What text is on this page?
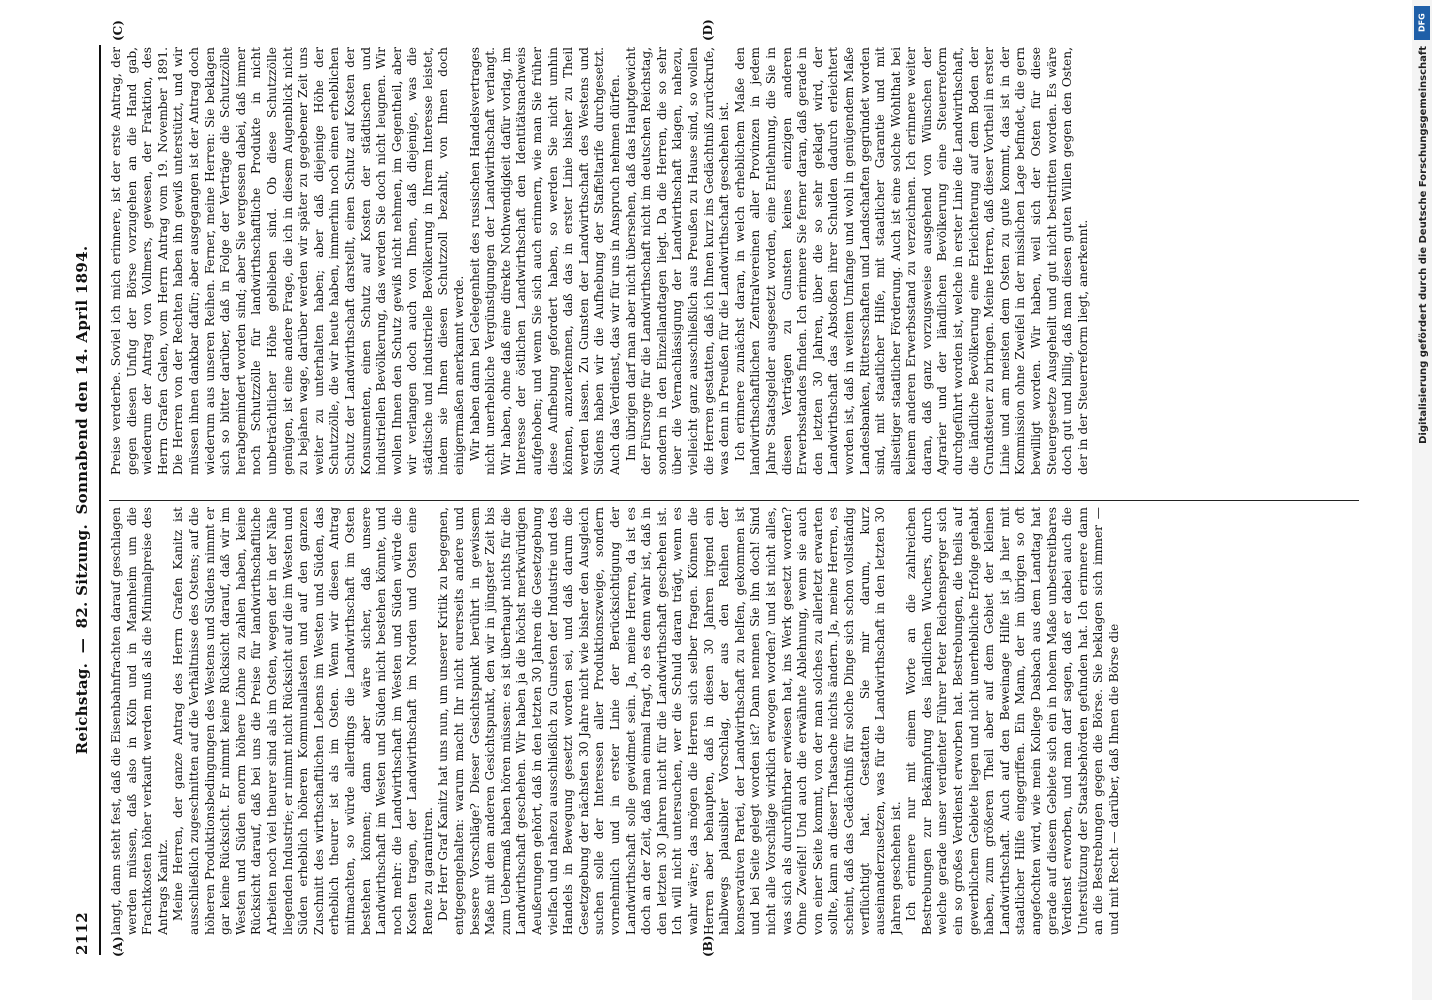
2112
Reichstag. — 82. Sitzung. Sonnabend den 14. April 1894.
(A)	(B)
(C)	(D)

langt, dann steht fest, daß die Eisenbahnfrachten darauf geschlagen werden müssen, daß also in Köln und in Mannheim um die Frachtkosten höher verkauft werden muß als die Minimalpreise des Antrags Kanitz. Meine Herren, der ganze Antrag des Herrn Grafen Kanitz ist ausschließlich zugeschnitten auf die Verhältnisse des Ostens; auf die höheren Produktionsbedingungen des Westens und Südens nimmt er gar keine Rücksicht. Er nimmt keine Rücksicht darauf, daß wir im Westen und Süden enorm höhere Löhne zu zahlen haben, keine Rücksicht darauf, daß bei uns die Preise für landwirthschaftliche Arbeiten noch viel theurer sind als im Osten, wegen der in der Nähe liegenden Industrie; er nimmt nicht Rücksicht auf die im Westen und Süden erheblich höheren Kommunallasten und auf den ganzen Zuschnitt des wirthschaftlichen Lebens im Westen und Süden, das erheblich theurer ist als im Osten. Wenn wir diesen Antrag mitmachten, so würde allerdings die Landwirthschaft im Osten bestehen können; dann aber wäre sicher, daß unsere Landwirthschaft im Westen und Süden nicht bestehen könnte, und noch mehr: die Landwirthschaft im Westen und Süden würde die Kosten tragen, der Landwirthschaft im Norden und Osten eine Rente zu garantiren. Der Herr Graf Kanitz hat uns nun, um unserer Kritik zu begegnen, entgegengehalten: warum macht Ihr nicht eurerseits andere und bessere Vorschläge? Dieser Gesichtspunkt berührt in gewissem Maße mit dem anderen Gesichtspunkt, den wir in jüngster Zeit bis zum Uebermaß haben hören müssen: es ist überhaupt nichts für die Landwirthschaft geschehen. Wir haben ja die höchst merkwürdigen Aeußerungen gehört, daß in den letzten 30 Jahren die Gesetzgebung vielfach und nahezu ausschließlich zu Gunsten der Industrie und des Handels in Bewegung gesetzt worden sei, und daß darum die Gesetzgebung der nächsten 30 Jahre nicht wie bisher den Ausgleich suchen solle der Interessen aller Produktionszweige, sondern vornehmlich und in erster Linie der Berücksichtigung der Landwirthschaft solle gewidmet sein. Ja, meine Herren, da ist es doch an der Zeit, daß man einmal fragt, ob es denn wahr ist, daß in den letzten 30 Jahren nicht für die Landwirthschaft geschehen ist. Ich will nicht untersuchen, wer die Schuld daran trägt, wenn es wahr wäre; das mögen die Herren sich selber fragen. Können die Herren aber behaupten, daß in diesen 30 Jahren irgend ein halbwegs plausibler Vorschlag, der aus den Reihen der konservativen Partei, der Landwirthschaft zu helfen, gekommen ist und bei Seite gelegt worden ist? Dann nennen Sie ihn doch! Sind nicht alle Vorschläge wirklich erwogen worden? und ist nicht alles, was sich als durchführbar erwiesen hat, ins Werk gesetzt worden? Ohne Zweifel! Und auch die erwähnte Ablehnung, wenn sie auch von einer Seite kommt, von der man solches zu allerletzt erwarten sollte, kann an dieser Thatsache nichts ändern. Ja, meine Herren, es scheint, daß das Gedächtniß für solche Dinge sich schon vollständig verflüchtigt hat. Gestatten Sie mir darum, kurz auseinanderzusetzen, was für die Landwirthschaft in den letzten 30 Jahren geschehen ist. Ich erinnere nur mit einem Worte an die zahlreichen Bestrebungen zur Bekämpfung des ländlichen Wuchers, durch welche gerade unser verdienter Führer Peter Reichensperger sich ein so großes Verdienst erworben hat. Bestrebungen, die theils auf gewerblichem Gebiete liegen und nicht unerhebliche Erfolge gehabt haben, zum größeren Theil aber auf dem Gebiet der kleinen Landwirthschaft. Auch auf den Beweinage Hilfe ist ja hier mit staatlicher Hilfe eingegriffen. Ein Mann, der im übrigen so oft angefochten wird, wie mein Kollege Dasbach aus dem Landtag hat gerade auf diesem Gebiete sich ein in hohem Maße unbestreitbares Verdienst erworben, und man darf sagen, daß er dabei auch die Unterstützung der Staatsbehörden gefunden hat. Ich erinnere dann an die Bestrebungen gegen die Börse. Sie beklagen sich immer — und mit Recht — darüber, daß Ihnen die Börse die

Preise verderbe. Soviel ich mich erinnere, ist der erste Antrag, der gegen diesen Unfug der Börse vorzugehen an die Hand gab, wiederum der Antrag von Vollmers, gewesen, der Fraktion, des Herrn Grafen Galen, vom Herrn Antrag vom 19. November 1891. Die Herren von der Rechten haben ihn gewiß unterstützt, und wir müssen ihnen dankbar dafür; aber ausgegangen ist der Antrag doch wiederum aus unseren Reihen. Ferner, meine Herren: Sie beklagen sich so bitter darüber, daß in Folge der Verträge die Schutzzölle herabgemindert worden sind; aber Sie vergessen dabei, daß immer noch Schutzzölle für landwirthschaftliche Produkte in nicht unbeträchtlicher Höhe geblieben sind. Ob diese Schutzzölle genügen, ist eine andere Frage, die ich in diesem Augenblick nicht zu bejahen wage, darüber werden wir später zu gegebener Zeit uns weiter zu unterhalten haben; aber daß diejenige Höhe der Schutzzölle, die wir heute haben, immerhin noch einen erheblichen Schutz der Landwirthschaft darstellt, einen Schutz auf Kosten der Konsumenten, einen Schutz auf Kosten der städtischen und industriellen Bevölkerung, das werden Sie doch nicht leugnen. Wir wollen Ihnen den Schutz gewiß nicht nehmen, im Gegentheil, aber wir verlangen doch auch von Ihnen, daß diejenige, was die städtische und industrielle Bevölkerung in Ihrem Interesse leistet, indem sie Ihnen diesen Schutzzoll bezahlt, von Ihnen doch einigermaßen anerkannt werde. Wir haben dann bei Gelegenheit des russischen Handelsvertrages nicht unerhebliche Vergünstigungen der Landwirthschaft verlangt. Wir haben, ohne daß eine direkte Nothwendigkeit dafür vorlag, im Interesse der östlichen Landwirthschaft den Identitätsnachweis aufgehoben; und wenn Sie sich auch erinnern, wie man Sie früher diese Aufhebung gefordert haben, so werden Sie nicht umhin können, anzuerkennen, daß das in erster Linie bisher zu Theil werden lassen. Zu Gunsten der Landwirthschaft des Westens und Südens haben wir die Aufhebung der Staffeltarife durchgesetzt. Auch das Verdienst, das wir für uns in Anspruch nehmen dürfen. Im übrigen darf man aber nicht übersehen, daß das Hauptgewicht der Fürsorge für die Landwirthschaft nicht im deutschen Reichstag, sondern in den Einzellandtagen liegt. Da die Herren, die so sehr über die Vernachlässigung der Landwirthschaft klagen, nahezu, vielleicht ganz ausschließlich aus Preußen zu Hause sind, so wollen die Herren gestatten, daß ich Ihnen kurz ins Gedächtniß zurückrufe, was denn in Preußen für die Landwirthschaft geschehen ist. Ich erinnere zunächst daran, in welch erheblichem Maße den landwirthschaftlichen Zentralvereinen aller Provinzen in jedem Jahre Staatsgelder ausgesetzt worden, eine Entlehnung, die Sie in diesen Verträgen zu Gunsten keines einzigen anderen Erwerbsstandes finden. Ich erinnere Sie ferner daran, daß gerade in den letzten 30 Jahren, über die so sehr geklagt wird, der Landwirthschaft das Abstoßen ihrer Schulden dadurch erleichtert worden ist, daß in weitem Umfange und wohl in genügendem Maße Landesbanken, Rittersschaften und Landschaften gegründet worden sind, mit staatlicher Hilfe, mit staatlicher Garantie und mit allseitiger staatlicher Förderung. Auch ist eine solche Wohlthat bei keinem anderen Erwerbsstand zu verzeichnen. Ich erinnere weiter daran, daß ganz vorzugsweise ausgehend von Wünschen der Agrarier und der ländlichen Bevölkerung eine Steuerreform durchgeführt worden ist, welche in erster Linie die Landwirthschaft, die ländliche Bevölkerung eine Erleichterung auf dem Boden der Grundsteuer zu bringen. Meine Herren, daß dieser Vortheil in erster Linie und am meisten dem Osten zu gute kommt, das ist in der Kommission ohne Zweifel in der misslichen Lage befindet, die gern bewilligt worden. Wir haben, weil sich der Osten für diese Steuergesetze Ausgeheilt und gut nicht bestritten worden. Es wäre doch gut und billig, daß man diesen guten Willen gegen den Osten, der in der Steuerreform liegt, anerkennt.

DFG
Digitalisierung gefördert durch die Deutsche Forschungsgemeinschaft
